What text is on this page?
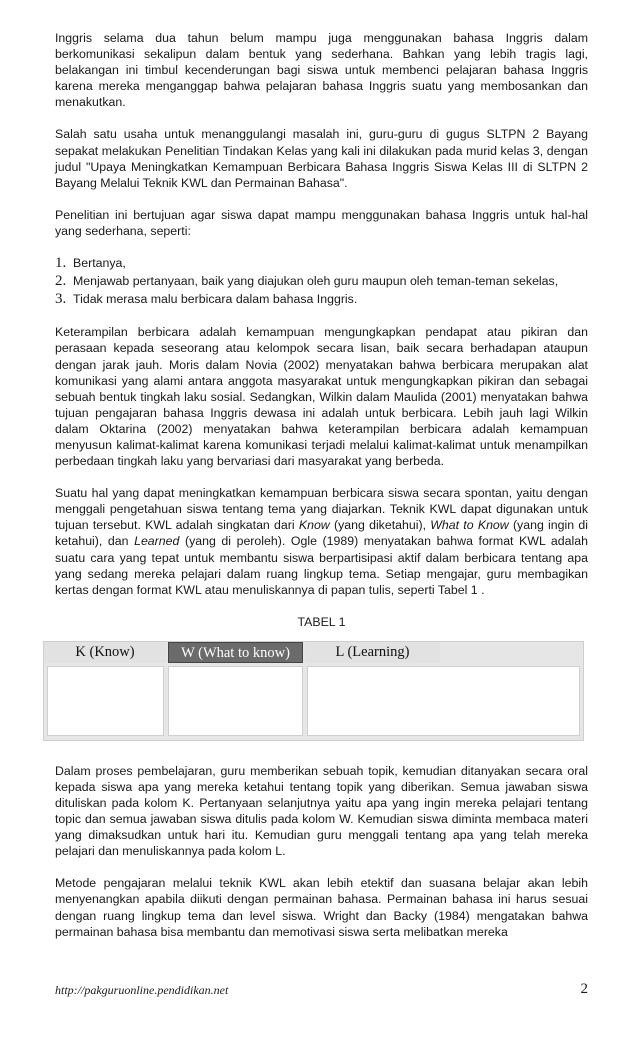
Inggris selama dua tahun belum mampu juga menggunakan bahasa Inggris dalam berkomunikasi sekalipun dalam bentuk yang sederhana. Bahkan yang lebih tragis lagi, belakangan ini timbul kecenderungan bagi siswa untuk membenci pelajaran bahasa Inggris karena mereka menganggap bahwa pelajaran bahasa Inggris suatu yang membosankan dan menakutkan.

Salah satu usaha untuk menanggulangi masalah ini, guru-guru di gugus SLTPN 2 Bayang sepakat melakukan Penelitian Tindakan Kelas yang kali ini dilakukan pada murid kelas 3, dengan judul "Upaya Meningkatkan Kemampuan Berbicara Bahasa Inggris Siswa Kelas III di SLTPN 2 Bayang Melalui Teknik KWL dan Permainan Bahasa".

Penelitian ini bertujuan agar siswa dapat mampu menggunakan bahasa Inggris untuk hal-hal yang sederhana, seperti:

1. Bertanya,
2. Menjawab pertanyaan, baik yang diajukan oleh guru maupun oleh teman-teman sekelas,
3. Tidak merasa malu berbicara dalam bahasa Inggris.

Keterampilan berbicara adalah kemampuan mengungkapkan pendapat atau pikiran dan perasaan kepada seseorang atau kelompok secara lisan, baik secara berhadapan ataupun dengan jarak jauh. Moris dalam Novia (2002) menyatakan bahwa berbicara merupakan alat komunikasi yang alami antara anggota masyarakat untuk mengungkapkan pikiran dan sebagai sebuah bentuk tingkah laku sosial. Sedangkan, Wilkin dalam Maulida (2001) menyatakan bahwa tujuan pengajaran bahasa Inggris dewasa ini adalah untuk berbicara. Lebih jauh lagi Wilkin dalam Oktarina (2002) menyatakan bahwa keterampilan berbicara adalah kemampuan menyusun kalimat-kalimat karena komunikasi terjadi melalui kalimat-kalimat untuk menampilkan perbedaan tingkah laku yang bervariasi dari masyarakat yang berbeda.

Suatu hal yang dapat meningkatkan kemampuan berbicara siswa secara spontan, yaitu dengan menggali pengetahuan siswa tentang tema yang diajarkan. Teknik KWL dapat digunakan untuk tujuan tersebut. KWL adalah singkatan dari Know (yang diketahui), What to Know (yang ingin di ketahui), dan Learned (yang di peroleh). Ogle (1989) menyatakan bahwa format KWL adalah suatu cara yang tepat untuk membantu siswa berpartisipasi aktif dalam berbicara tentang apa yang sedang mereka pelajari dalam ruang lingkup tema. Setiap mengajar, guru membagikan kertas dengan format KWL atau menuliskannya di papan tulis, seperti Tabel 1 .

TABEL 1
K (Know)	W (What to know)	L (Learning)

Dalam proses pembelajaran, guru memberikan sebuah topik, kemudian ditanyakan secara oral kepada siswa apa yang mereka ketahui tentang topik yang diberikan. Semua jawaban siswa dituliskan pada kolom K. Pertanyaan selanjutnya yaitu apa yang ingin mereka pelajari tentang topic dan semua jawaban siswa ditulis pada kolom W. Kemudian siswa diminta membaca materi yang dimaksudkan untuk hari itu. Kemudian guru menggali tentang apa yang telah mereka pelajari dan menuliskannya pada kolom L.

Metode pengajaran melalui teknik KWL akan lebih etektif dan suasana belajar akan lebih menyenangkan apabila diikuti dengan permainan bahasa. Permainan bahasa ini harus sesuai dengan ruang lingkup tema dan level siswa. Wright dan Backy (1984) mengatakan bahwa permainan bahasa bisa membantu dan memotivasi siswa serta melibatkan mereka

http://pakguruonline.pendidikan.net	2
